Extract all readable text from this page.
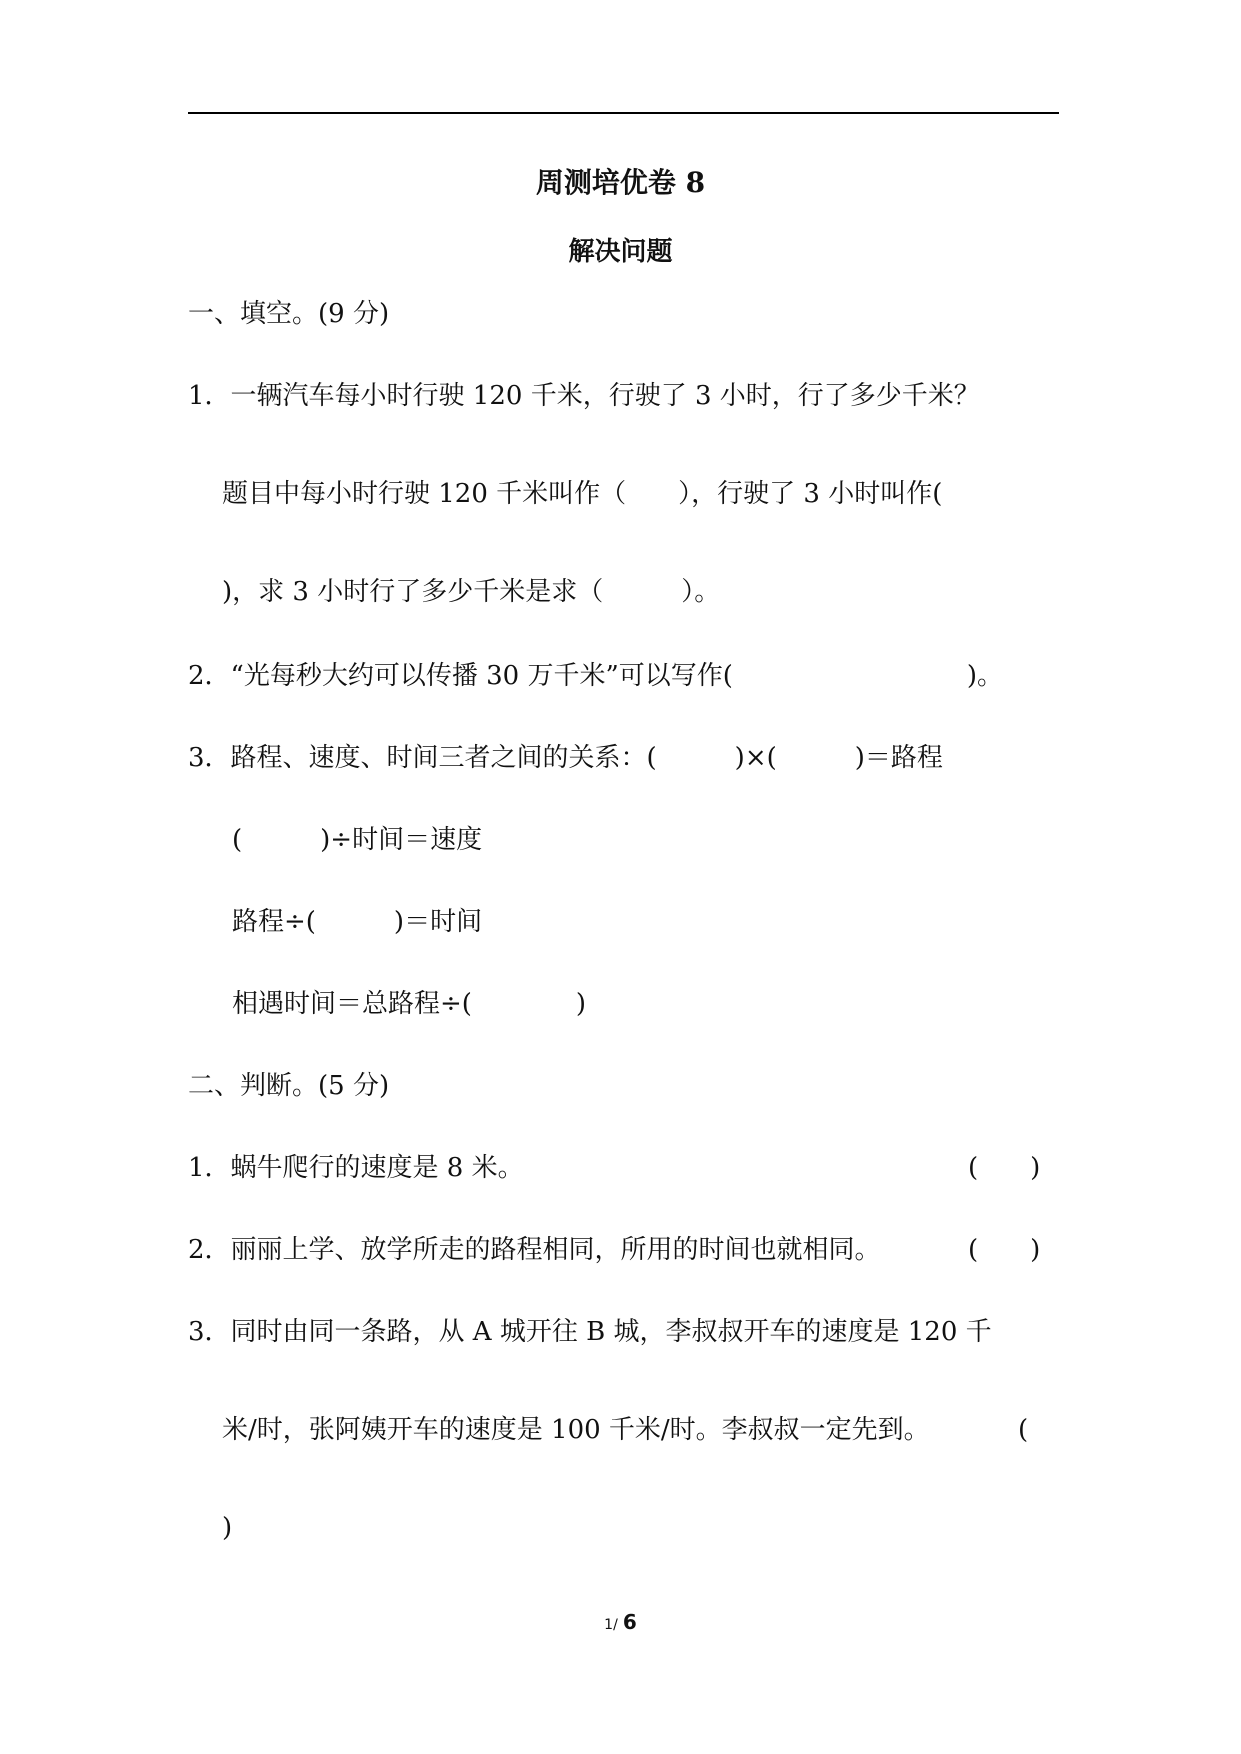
周测培优卷 8
解决问题
一、填空。(9 分)
1．一辆汽车每小时行驶 120 千米，行驶了 3 小时，行了多少千米？
题目中每小时行驶 120 千米叫作（　　），行驶了 3 小时叫作(
)，求 3 小时行了多少千米是求（　　　）。
2．“光每秒大约可以传播 30 万千米”可以写作(　　　　　　　　　)。
3．路程、速度、时间三者之间的关系：(　　　)×(　　　)＝路程
(　　　)÷时间＝速度
路程÷(　　　)＝时间
相遇时间＝总路程÷(　　　　)
二、判断。(5 分)
1．蜗牛爬行的速度是 8 米。	(　　)
2．丽丽上学、放学所走的路程相同，所用的时间也就相同。	(　　)
3．同时由同一条路，从 A 城开往 B 城，李叔叔开车的速度是 120 千
米/时，张阿姨开车的速度是 100 千米/时。李叔叔一定先到。	(
)
1/ 6
